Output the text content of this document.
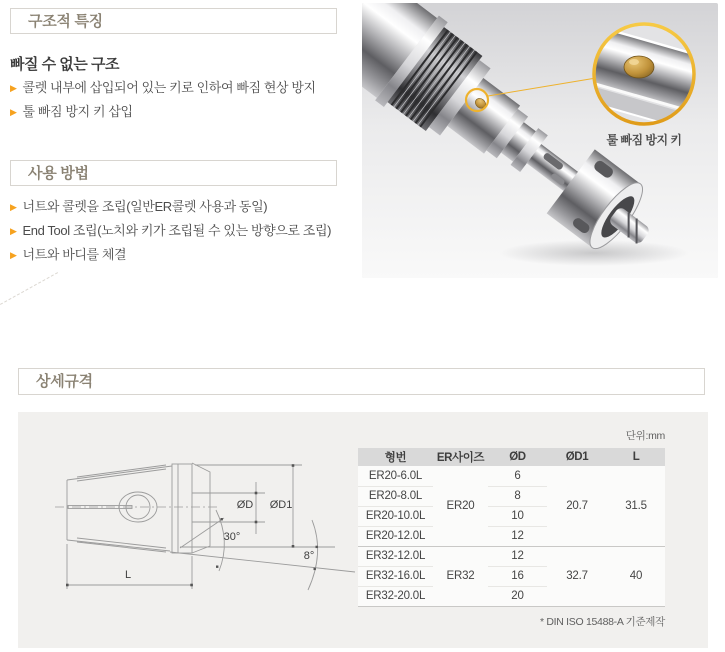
구조적 특징
빠질 수 없는 구조
▶ 콜렛 내부에 삽입되어 있는 키로 인하여 빠짐 현상 방지
▶ 툴 빠짐 방지 키 삽입
사용 방법
▶ 너트와 콜렛을 조립(일반ER콜렛 사용과 동일)
▶ End Tool 조립(노치와 키가 조립될 수 있는 방향으로 조립)
▶ 너트와 바디를 체결
툴 빠짐 방지 키
상세규격
ØD ØD1
30°
8°
L
단위:mm
형번	ER사이즈	ØD	ØD1	L
ER20-6.0L	ER20	6	20.7	31.5
ER20-8.0L		8		
ER20-10.0L		10		
ER20-12.0L		12		
ER32-12.0L	ER32	12	32.7	40
ER32-16.0L		16		
ER32-20.0L		20		
* DIN ISO 15488-A 기준제작
